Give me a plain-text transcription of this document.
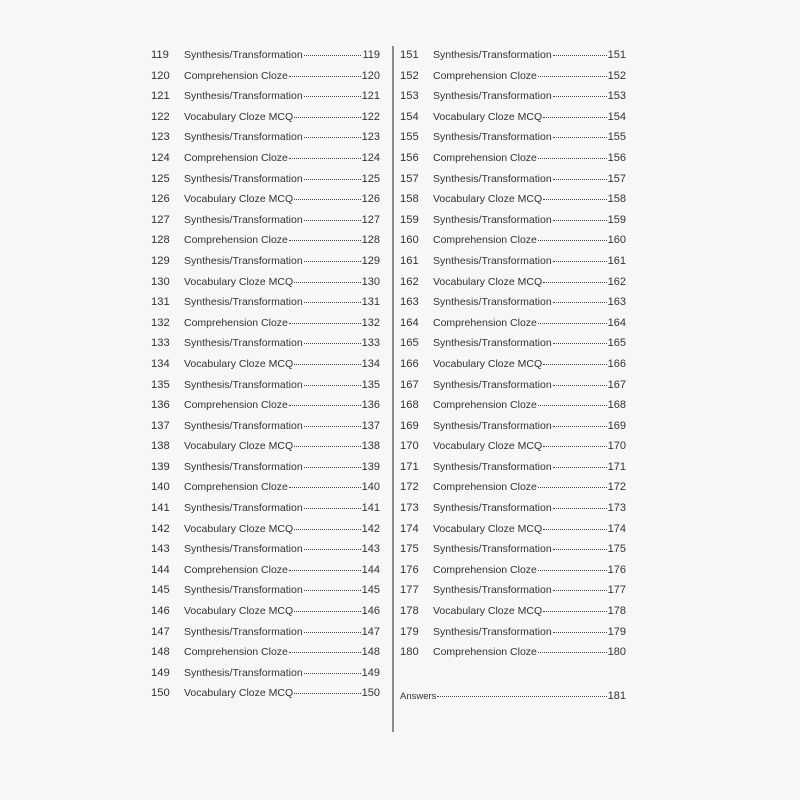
119	Synthesis/Transformation	119
120	Comprehension Cloze	120
121	Synthesis/Transformation	121
122	Vocabulary Cloze MCQ	122
123	Synthesis/Transformation	123
124	Comprehension Cloze	124
125	Synthesis/Transformation	125
126	Vocabulary Cloze MCQ	126
127	Synthesis/Transformation	127
128	Comprehension Cloze	128
129	Synthesis/Transformation	129
130	Vocabulary Cloze MCQ	130
131	Synthesis/Transformation	131
132	Comprehension Cloze	132
133	Synthesis/Transformation	133
134	Vocabulary Cloze MCQ	134
135	Synthesis/Transformation	135
136	Comprehension Cloze	136
137	Synthesis/Transformation	137
138	Vocabulary Cloze MCQ	138
139	Synthesis/Transformation	139
140	Comprehension Cloze	140
141	Synthesis/Transformation	141
142	Vocabulary Cloze MCQ	142
143	Synthesis/Transformation	143
144	Comprehension Cloze	144
145	Synthesis/Transformation	145
146	Vocabulary Cloze MCQ	146
147	Synthesis/Transformation	147
148	Comprehension Cloze	148
149	Synthesis/Transformation	149
150	Vocabulary Cloze MCQ	150
151	Synthesis/Transformation	151
152	Comprehension Cloze	152
153	Synthesis/Transformation	153
154	Vocabulary Cloze MCQ	154
155	Synthesis/Transformation	155
156	Comprehension Cloze	156
157	Synthesis/Transformation	157
158	Vocabulary Cloze MCQ	158
159	Synthesis/Transformation	159
160	Comprehension Cloze	160
161	Synthesis/Transformation	161
162	Vocabulary Cloze MCQ	162
163	Synthesis/Transformation	163
164	Comprehension Cloze	164
165	Synthesis/Transformation	165
166	Vocabulary Cloze MCQ	166
167	Synthesis/Transformation	167
168	Comprehension Cloze	168
169	Synthesis/Transformation	169
170	Vocabulary Cloze MCQ	170
171	Synthesis/Transformation	171
172	Comprehension Cloze	172
173	Synthesis/Transformation	173
174	Vocabulary Cloze MCQ	174
175	Synthesis/Transformation	175
176	Comprehension Cloze	176
177	Synthesis/Transformation	177
178	Vocabulary Cloze MCQ	178
179	Synthesis/Transformation	179
180	Comprehension Cloze	180
Answers	181
